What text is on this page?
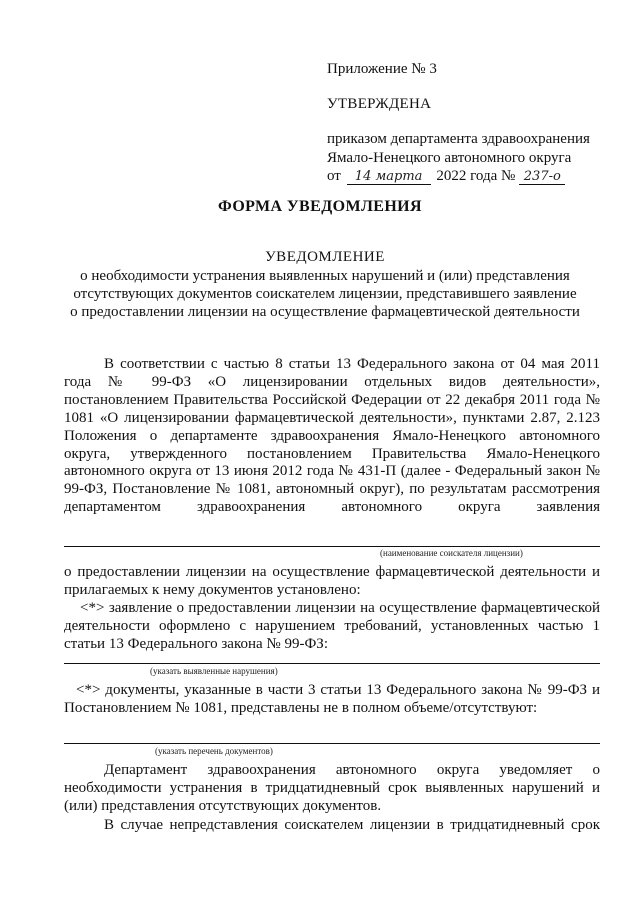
Приложение № 3
УТВЕРЖДЕНА
приказом департамента здравоохранения
Ямало-Ненецкого автономного округа
от 14 марта 2022 года № 237-о
ФОРМА УВЕДОМЛЕНИЯ
УВЕДОМЛЕНИЕ
о необходимости устранения выявленных нарушений и (или) представления
отсутствующих документов соискателем лицензии, представившего заявление
о предоставлении лицензии на осуществление фармацевтической деятельности
В соответствии с частью 8 статьи 13 Федерального закона от 04 мая 2011 года № 99-ФЗ «О лицензировании отдельных видов деятельности», постановлением Правительства Российской Федерации от 22 декабря 2011 года № 1081 «О лицензировании фармацевтической деятельности», пунктами 2.87, 2.123 Положения о департаменте здравоохранения Ямало-Ненецкого автономного округа, утвержденного постановлением Правительства Ямало-Ненецкого автономного округа от 13 июня 2012 года № 431-П (далее - Федеральный закон № 99-ФЗ, Постановление № 1081, автономный округ), по результатам рассмотрения департаментом здравоохранения автономного округа заявления
(наименование соискателя лицензии)
о предоставлении лицензии на осуществление фармацевтической деятельности и прилагаемых к нему документов установлено:
<*> заявление о предоставлении лицензии на осуществление фармацевтической деятельности оформлено с нарушением требований, установленных частью 1 статьи 13 Федерального закона № 99-ФЗ:
(указать выявленные нарушения)
<*> документы, указанные в части 3 статьи 13 Федерального закона № 99-ФЗ и Постановлением № 1081, представлены не в полном объеме/отсутствуют:
(указать перечень документов)
Департамент здравоохранения автономного округа уведомляет о необходимости устранения в тридцатидневный срок выявленных нарушений и (или) представления отсутствующих документов.
В случае непредставления соискателем лицензии в тридцатидневный срок
